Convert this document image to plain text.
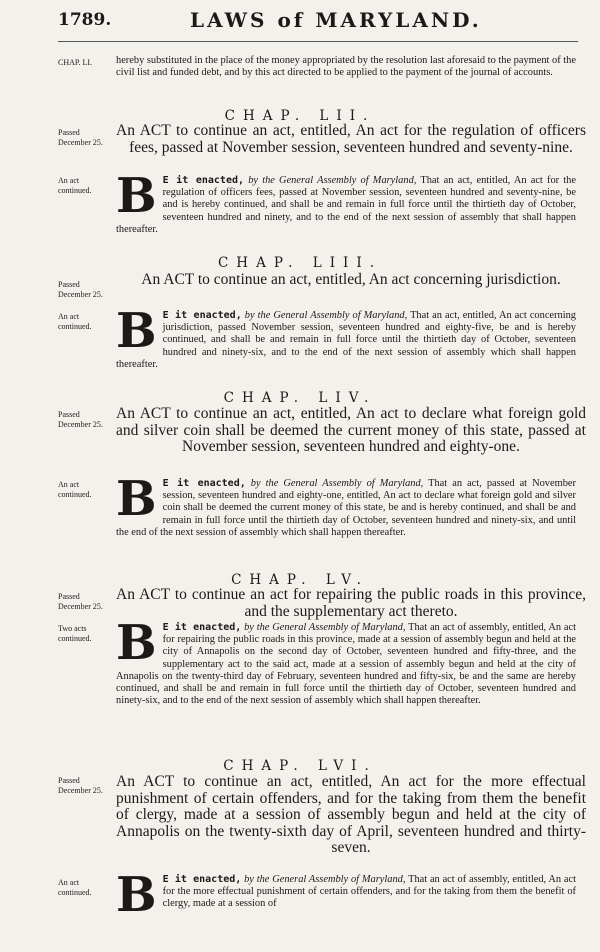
1789.	LAWS of MARYLAND.
CHAP. LI.	hereby substituted in the place of the money appropriated by the resolution last aforesaid to the payment of the civil list and funded debt, and by this act directed to be applied to the payment of the journal of accounts.
CHAP. LII.
Passed December 25.
An ACT to continue an act, entitled, An act for the regulation of officers fees, passed at November session, seventeen hundred and seventy-nine.
An act continued. B E it enacted, by the General Assembly of Maryland, That an act, entitled, An act for the regulation of officers fees, passed at November session, seventeen hundred and seventy-nine, be and is hereby continued, and shall be and remain in full force until the thirtieth day of October, seventeen hundred and ninety, and to the end of the next session of assembly that shall happen thereafter.
CHAP. LIII.
Passed December 25.
An ACT to continue an act, entitled, An act concerning jurisdiction.
An act continued. B E it enacted, by the General Assembly of Maryland, That an act, entitled, An act concerning jurisdiction, passed November session, seventeen hundred and eighty-five, be and is hereby continued, and shall be and remain in full force until the thirtieth day of October, seventeen hundred and ninety-six, and to the end of the next session of assembly which shall happen thereafter.
CHAP. LIV.
Passed December 25.
An ACT to continue an act, entitled, An act to declare what foreign gold and silver coin shall be deemed the current money of this state, passed at November session, seventeen hundred and eighty-one.
An act continued. B E it enacted, by the General Assembly of Maryland, That an act, passed at November session, seventeen hundred and eighty-one, entitled, An act to declare what foreign gold and silver coin shall be deemed the current money of this state, be and is hereby continued, and shall be and remain in full force until the thirtieth day of October, seventeen hundred and ninety-six, and until the end of the next session of assembly which shall happen thereafter.
CHAP. LV.
Passed December 25.
An ACT to continue an act for repairing the public roads in this province, and the supplementary act thereto.
Two acts continued. B E it enacted, by the General Assembly of Maryland, That an act of assembly, entitled, An act for repairing the public roads in this province, made at a session of assembly begun and held at the city of Annapolis on the second day of October, seventeen hundred and fifty-three, and the supplementary act to the said act, made at a session of assembly begun and held at the city of Annapolis on the twenty-third day of February, seventeen hundred and fifty-six, be and the same are hereby continued, and shall be and remain in full force until the thirtieth day of October, seventeen hundred and ninety-six, and to the end of the next session of assembly which shall happen thereafter.
CHAP. LVI.
Passed December 25.
An ACT to continue an act, entitled, An act for the more effectual punishment of certain offenders, and for the taking from them the benefit of clergy, made at a session of assembly begun and held at the city of Annapolis on the twenty-sixth day of April, seventeen hundred and thirty-seven.
An act continued. B E it enacted, by the General Assembly of Maryland, That an act of assembly, entitled, An act for the more effectual punishment of certain offenders, and for the taking from them the benefit of clergy, made at a session of
